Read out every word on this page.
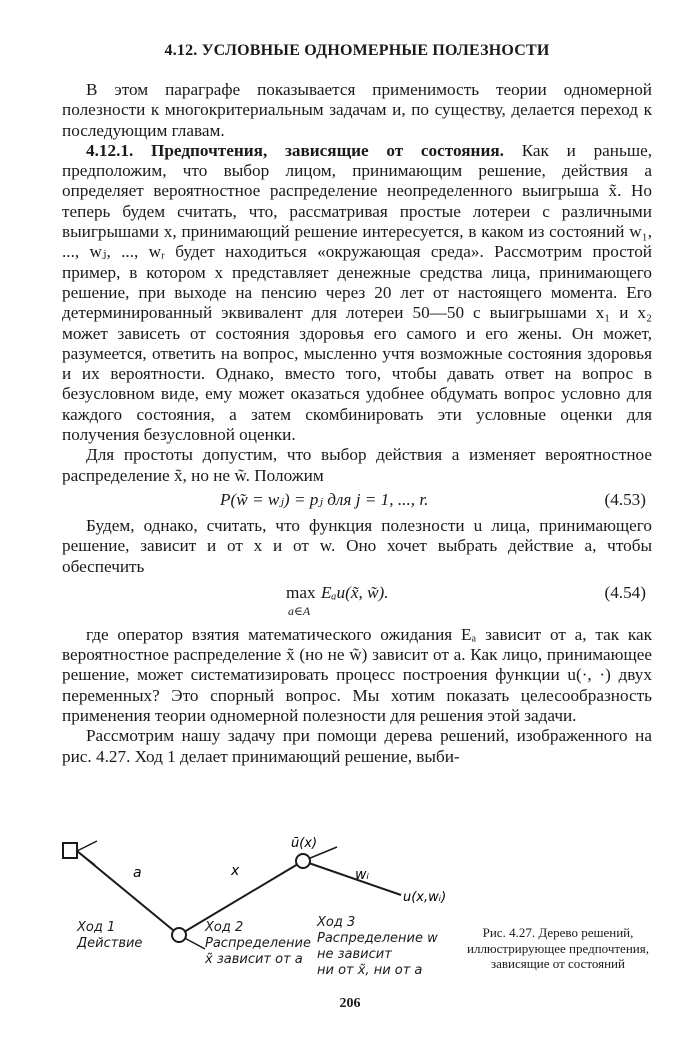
4.12. УСЛОВНЫЕ ОДНОМЕРНЫЕ ПОЛЕЗНОСТИ

В этом параграфе показывается применимость теории одномерной полезности к многокритериальным задачам и, по существу, делается переход к последующим главам.

4.12.1. Предпочтения, зависящие от состояния. Как и раньше, предположим, что выбор лицом, принимающим решение, действия a определяет вероятностное распределение неопределенного выигрыша x̃. Но теперь будем считать, что, рассматривая простые лотереи с различными выигрышами x, принимающий решение интересуется, в каком из состояний w₁, ..., wⱼ, ..., wᵣ будет находиться «окружающая среда». Рассмотрим простой пример, в котором x представляет денежные средства лица, принимающего решение, при выходе на пенсию через 20 лет от настоящего момента. Его детерминированный эквивалент для лотереи 50—50 с выигрышами x₁ и x₂ может зависеть от состояния здоровья его самого и его жены. Он может, разумеется, ответить на вопрос, мысленно учтя возможные состояния здоровья и их вероятности. Однако, вместо того, чтобы давать ответ на вопрос в безусловном виде, ему может оказаться удобнее обдумать вопрос условно для каждого состояния, а затем скомбинировать эти условные оценки для получения безусловной оценки.

Для простоты допустим, что выбор действия a изменяет вероятностное распределение x̃, но не w̃. Положим

P(w̃ = wⱼ) = pⱼ для j = 1, ..., r.	(4.53)

Будем, однако, считать, что функция полезности u лица, принимающего решение, зависит и от x и от w. Оно хочет выбрать действие a, чтобы обеспечить

max
a∈A
Eₐu(x̃, w̃).	(4.54)

где оператор взятия математического ожидания Eₐ зависит от a, так как вероятностное распределение x̃ (но не w̃) зависит от a. Как лицо, принимающее решение, может систематизировать процесс построения функции u(·, ·) двух переменных? Это спорный вопрос. Мы хотим показать целесообразность применения теории одномерной полезности для решения этой задачи.

Рассмотрим нашу задачу при помощи дерева решений, изображенного на рис. 4.27. Ход 1 делает принимающий решение, выби-

a	x	wᵢ
ū(x)
u(x,wᵢ)
Ход 1
Действие
Ход 2
Распределение
x̃ зависит от a
Ход 3
Распределение w
не зависит
ни от x̃, ни от a
Рис. 4.27. Дерево решений, иллюстрирующее предпочтения, зависящие от состояний
206
